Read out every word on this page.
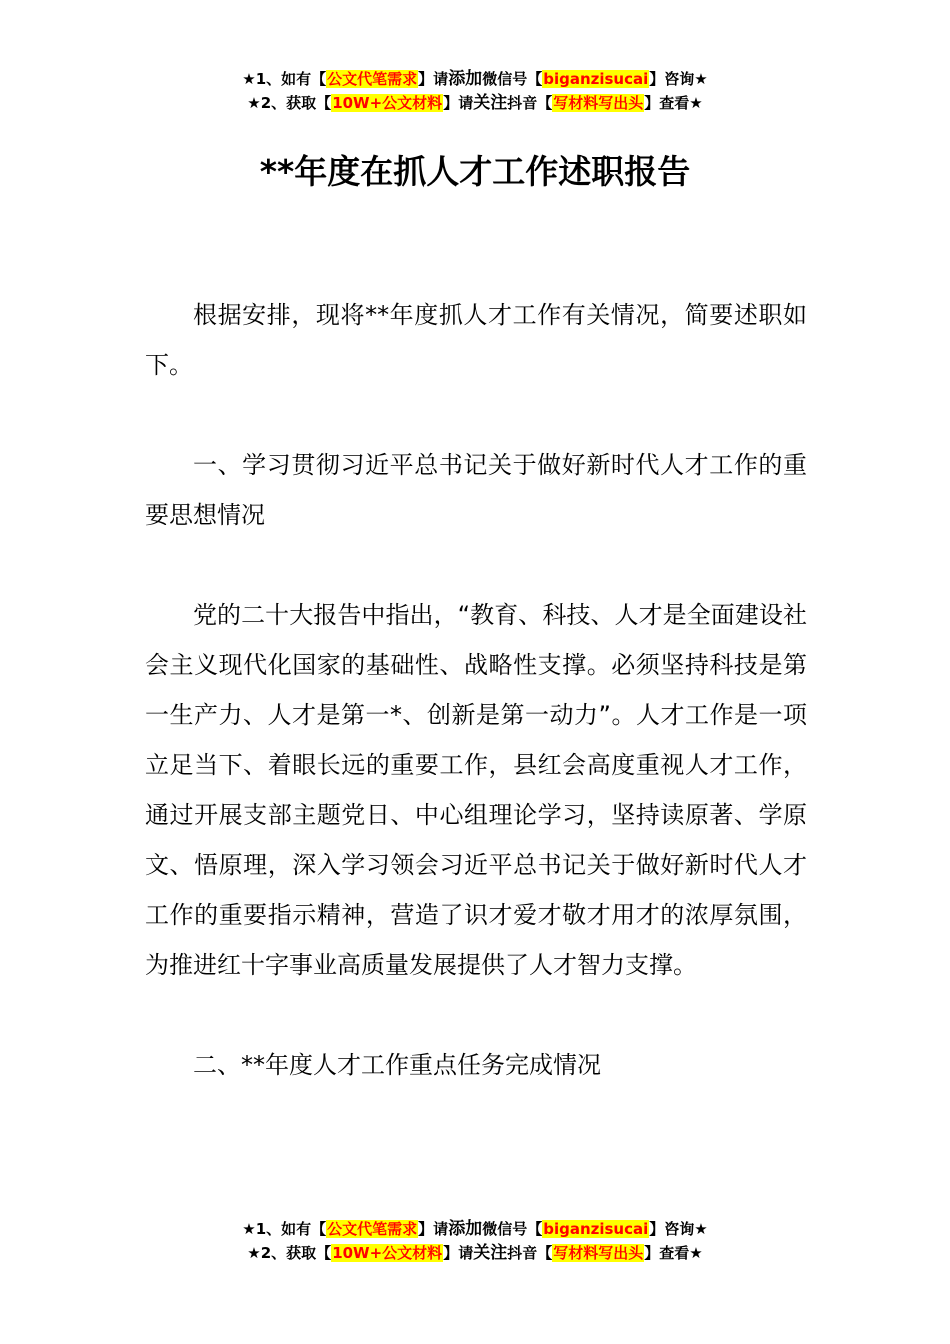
★1、如有【公文代笔需求】请添加微信号【biganzisucai】咨询★
★2、获取【10W+公文材料】请关注抖音【写材料写出头】查看★
**年度在抓人才工作述职报告

根据安排，现将**年度抓人才工作有关情况，简要述职如下。

一、学习贯彻习近平总书记关于做好新时代人才工作的重要思想情况

党的二十大报告中指出，“教育、科技、人才是全面建设社会主义现代化国家的基础性、战略性支撑。必须坚持科技是第一生产力、人才是第一*、创新是第一动力”。人才工作是一项立足当下、着眼长远的重要工作，县红会高度重视人才工作，通过开展支部主题党日、中心组理论学习，坚持读原著、学原文、悟原理，深入学习领会习近平总书记关于做好新时代人才工作的重要指示精神，营造了识才爱才敬才用才的浓厚氛围，为推进红十字事业高质量发展提供了人才智力支撑。

二、**年度人才工作重点任务完成情况

★1、如有【公文代笔需求】请添加微信号【biganzisucai】咨询★
★2、获取【10W+公文材料】请关注抖音【写材料写出头】查看★
